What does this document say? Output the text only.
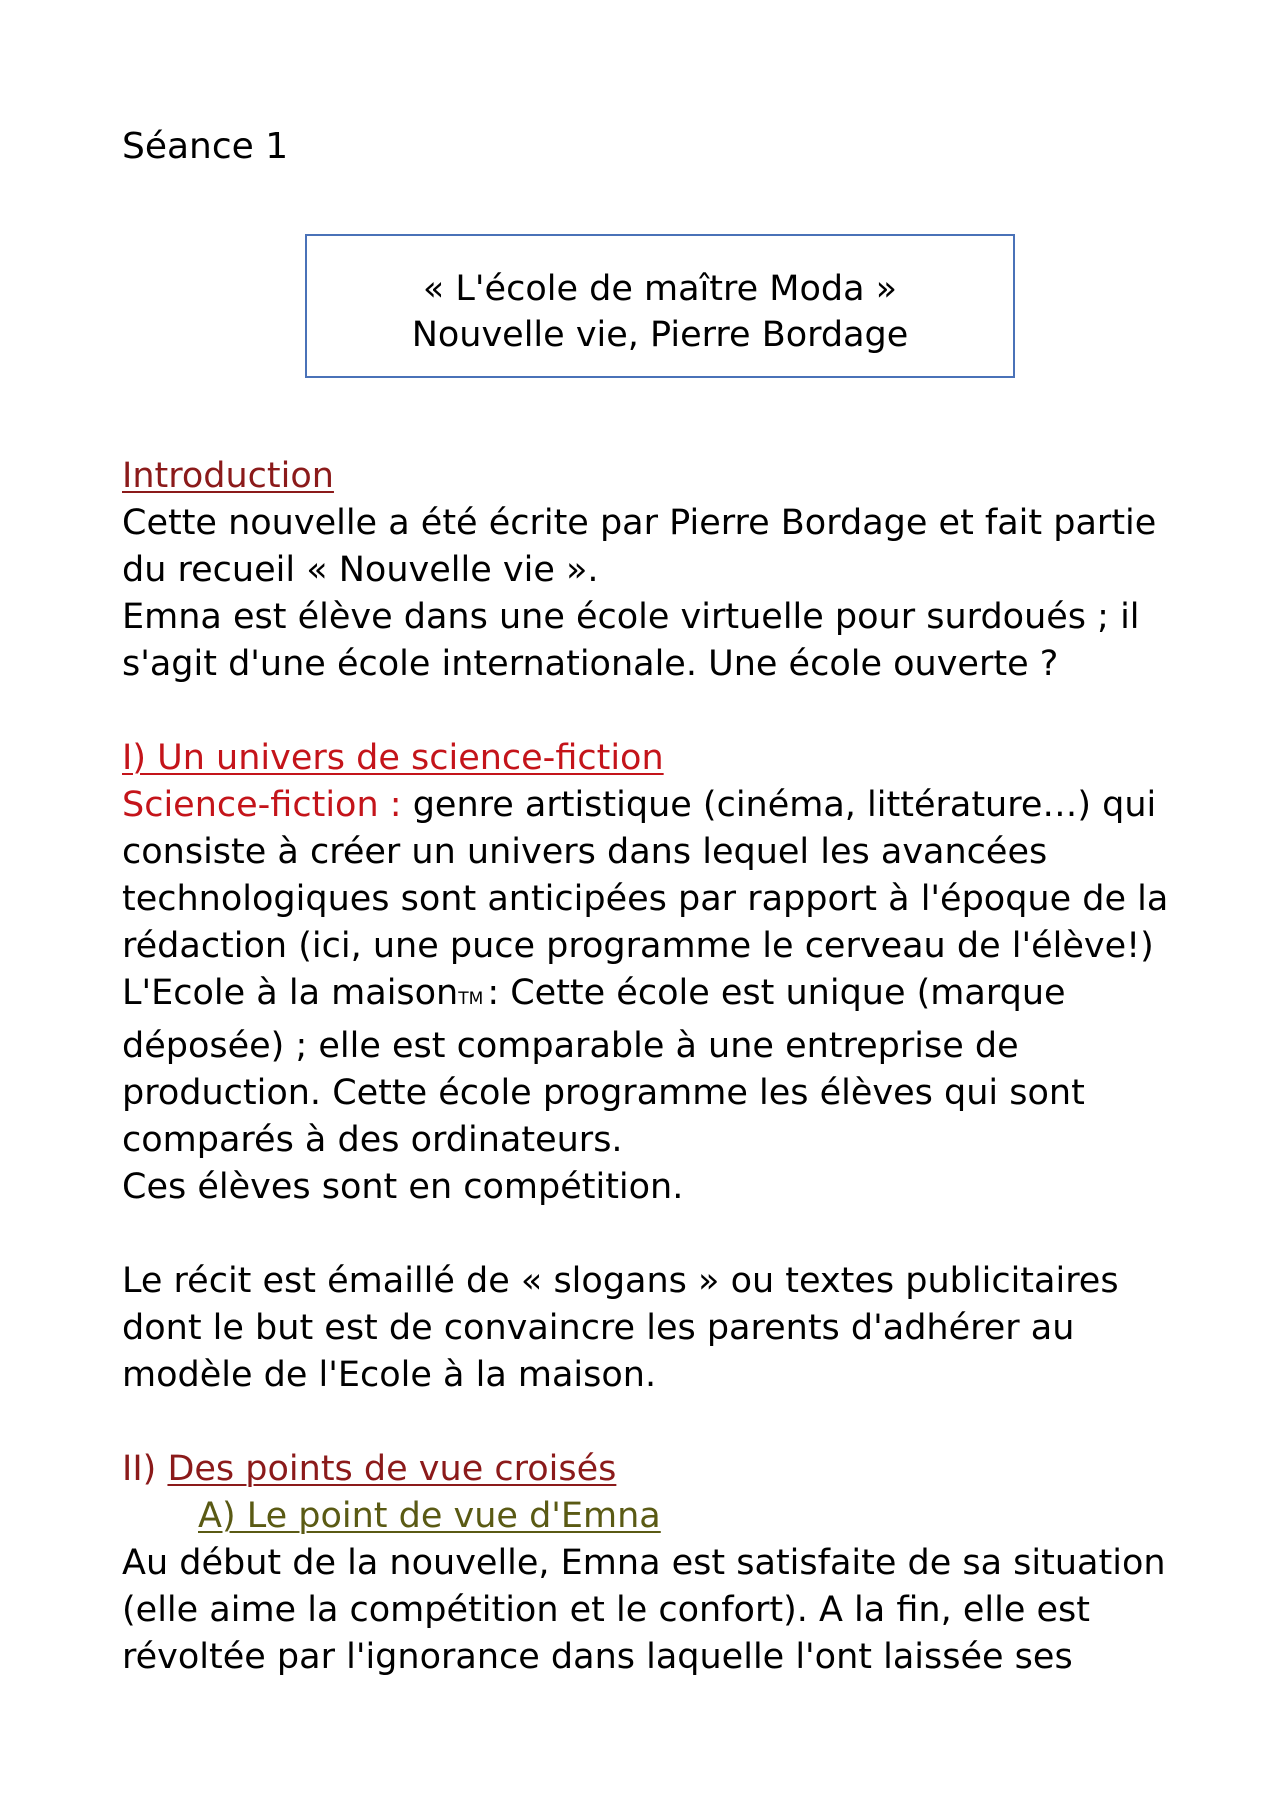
Séance 1

« L'école de maître Moda »
Nouvelle vie, Pierre Bordage

Introduction

Cette nouvelle a été écrite par Pierre Bordage et fait partie du recueil « Nouvelle vie ».

Emna est élève dans une école virtuelle pour surdoués ; il s'agit d'une école internationale. Une école ouverte ?

I) Un univers de science-fiction

Science-fiction : genre artistique (cinéma, littérature…) qui consiste à créer un univers dans lequel les avancées technologiques sont anticipées par rapport à l'époque de la rédaction (ici, une puce programme le cerveau de l'élève!)

L'Ecole à la maisonTM : Cette école est unique (marque déposée) ; elle est comparable à une entreprise de production. Cette école programme les élèves qui sont comparés à des ordinateurs.

Ces élèves sont en compétition.

Le récit est émaillé de « slogans » ou textes publicitaires dont le but est de convaincre les parents d'adhérer au modèle de l'Ecole à la maison.

II) Des points de vue croisés

A) Le point de vue d'Emna

Au début de la nouvelle, Emna est satisfaite de sa situation (elle aime la compétition et le confort). A la fin, elle est révoltée par l'ignorance dans laquelle l'ont laissée ses
